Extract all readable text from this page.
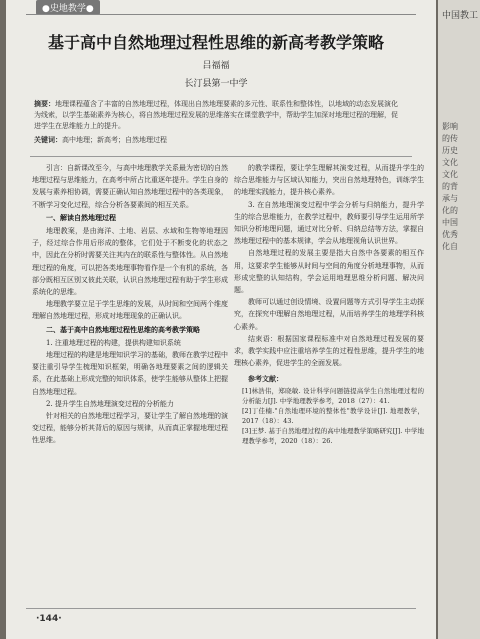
●史地教学●
基于高中自然地理过程性思维的新高考教学策略
吕福福
长汀县第一中学
摘要：地理课程蕴含了丰富的自然地理过程，体现出自然地理要素的多元性、联系性和整体性，以地域的动态发展演化为线索，以学生基础素养为核心，将自然地理过程发展的思维落实在课堂教学中，帮助学生加深对地理过程的理解，促进学生在思维能力上的提升。
关键词：高中地理；新高考；自然地理过程

引言：自新课改至今，与高中地理教学关系最为密切的自然地理过程与思维能力，在高考中所占比重逐年提升。学生自身的发展与素养相协调，需要正确认知自然地理过程中的各类现象，不断学习变化过程，综合分析各要素间的相互关系。

一、解读自然地理过程

地理教案，是由海洋、土地、岩层、水域和生物等地理因子，经过综合作用后形成的整体，它们处于不断变化的状态之中，因此在分析时需要关注其内在的联系性与整体性。从自然地理过程的角度，可以把各类地理事物看作是一个有机的系统，各部分既相互区别又彼此关联，认识自然地理过程有助于学生形成系统化的思维。

地理教学要立足于学生思维的发展，从时间和空间两个维度理解自然地理过程，形成对地理现象的正确认识。

二、基于高中自然地理过程性思维的高考教学策略

1. 注重地理过程的构建，提供构建知识系统

地理过程的构建是地理知识学习的基础，教师在教学过程中要注重引导学生梳理知识框架，明确各地理要素之间的逻辑关系，在此基础上形成完整的知识体系，使学生能够从整体上把握自然地理过程。

2. 提升学生自然地理演变过程的分析能力

针对相关的自然地理过程学习，要让学生了解自然地理的演变过程，能够分析其背后的原因与规律，从而真正掌握地理过程性思维。

的教学课程，要让学生理解其演变过程，从而提升学生的综合思维能力与区域认知能力，突出自然地理特色，训练学生的地理实践能力，提升核心素养。

3. 在自然地理演变过程中学会分析与归纳能力，提升学生的综合思维能力，在教学过程中，教师要引导学生运用所学知识分析地理问题，通过对比分析、归纳总结等方法，掌握自然地理过程中的基本规律，学会从地理视角认识世界。

自然地理过程的发展主要是指大自然中各要素的相互作用，这要求学生能够从时间与空间的角度分析地理事物，从而形成完整的认知结构，学会运用地理思维分析问题、解决问题。

教师可以通过创设情境、设置问题等方式引导学生主动探究，在探究中理解自然地理过程，从而培养学生的地理学科核心素养。

结束语：根据国家课程标准中对自然地理过程发展的要求，教学实践中应注重培养学生的过程性思维，提升学生的地理核心素养，促进学生的全面发展。

参考文献：

[1]林浩伟，郑晓敏. 设计科学问题链提高学生自然地理过程的分析能力[J]. 中学地理教学参考，2018（27）：41.

[2]丁佳楠."自然地理环境的整体性"教学设计[J]. 地理教学，2017（18）：43.

[3]王梦. 基于自然地理过程的高中地理教学策略研究[J]. 中学地理教学参考，2020（18）：26.

·144·
中国教工
影响
的传
历史
文化
文化
的背
承与
化的
中国
优秀
化自
